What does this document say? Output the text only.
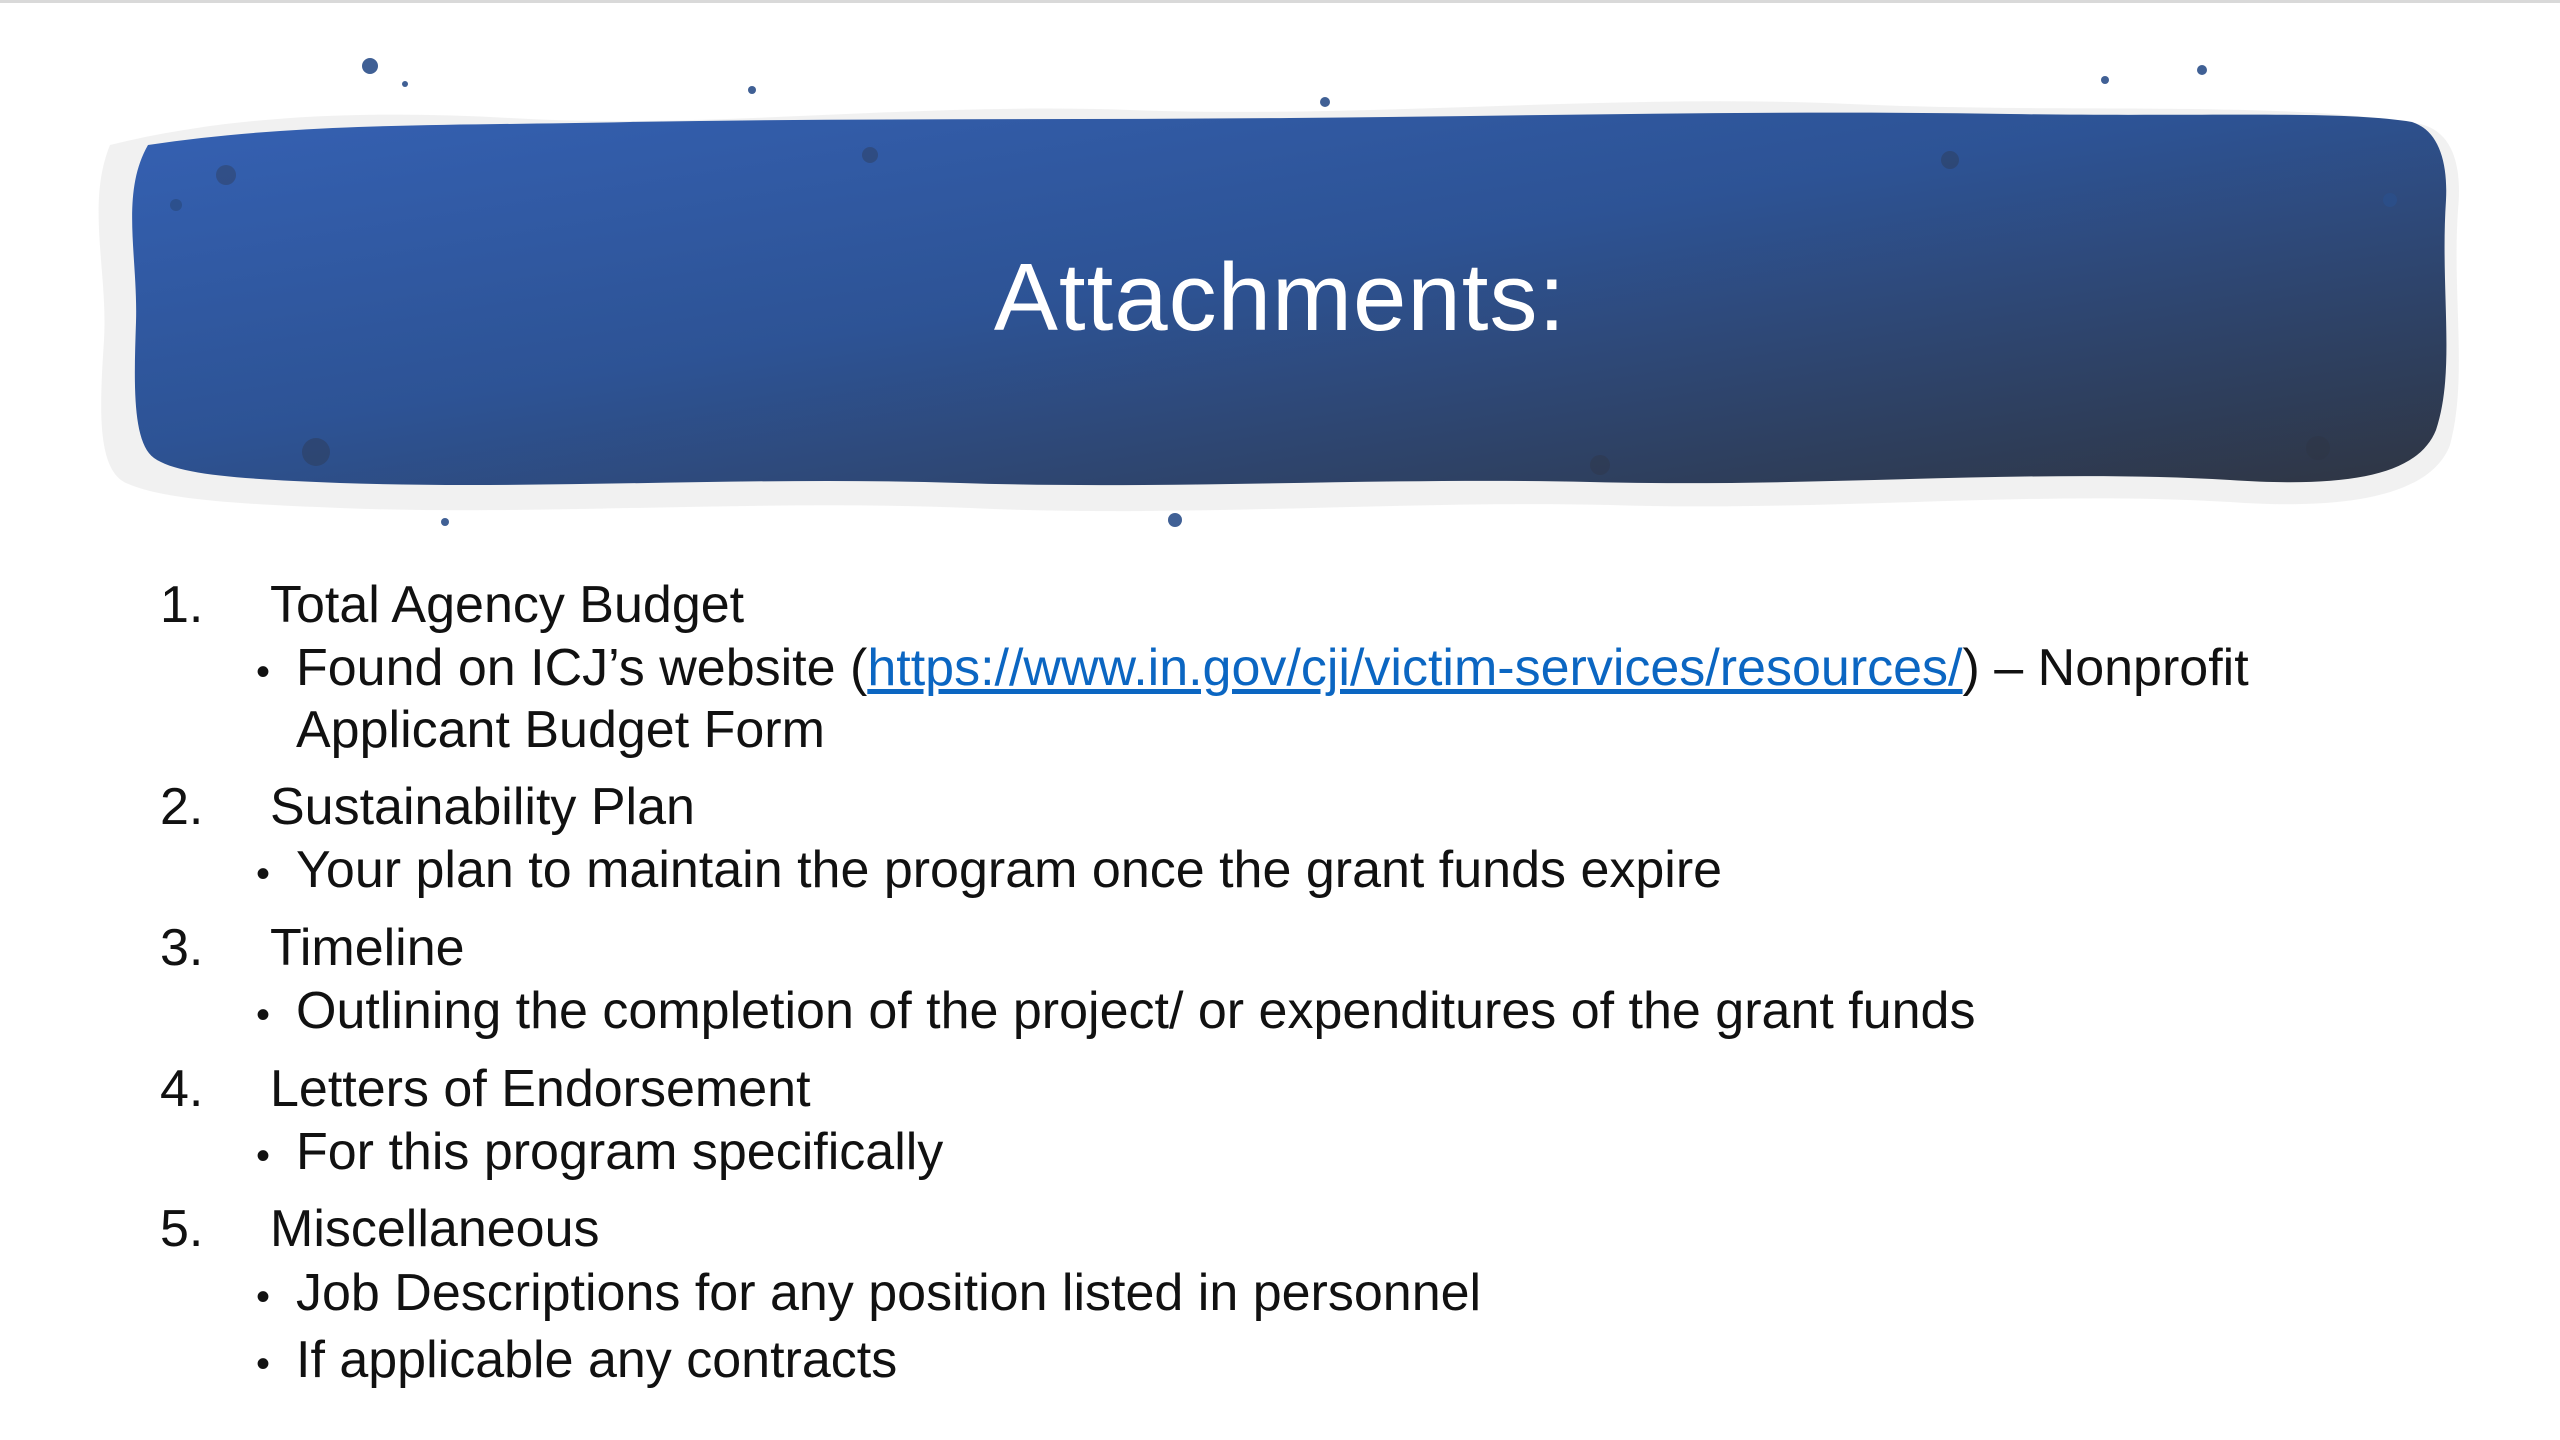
Attachments:
1.	Total Agency Budget
• Found on ICJ’s website (https://www.in.gov/cji/victim-services/resources/) – Nonprofit Applicant Budget Form
2.	Sustainability Plan
• Your plan to maintain the program once the grant funds expire
3.	Timeline
• Outlining the completion of the project/ or expenditures of the grant funds
4.	Letters of Endorsement
• For this program specifically
5.	Miscellaneous
• Job Descriptions for any position listed in personnel
• If applicable any contracts
